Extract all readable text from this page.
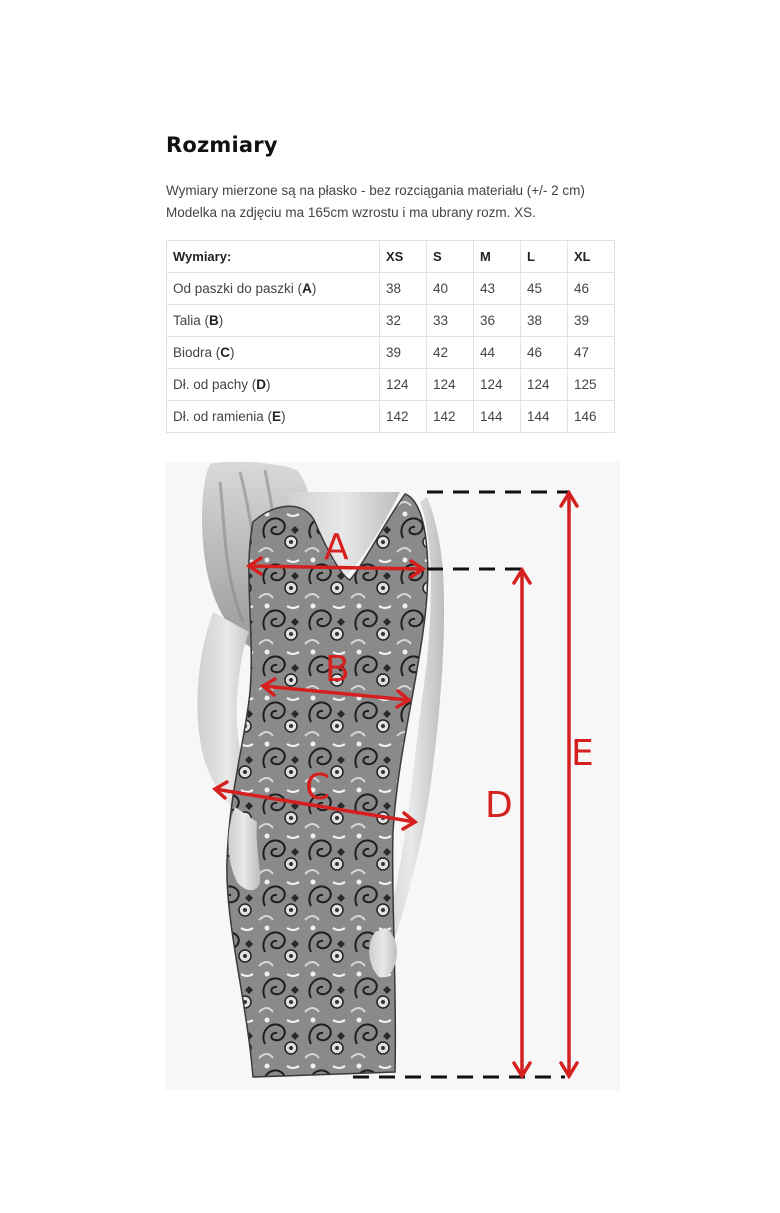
Rozmiary
Wymiary mierzone są na płasko - bez rozciągania materiału (+/- 2 cm)
Modelka na zdjęciu ma 165cm wzrostu i ma ubrany rozm. XS.
Wymiary:	XS	S	M	L	XL
Od paszki do paszki (A)	38	40	43	45	46
Talia (B)	32	33	36	38	39
Biodra (C)	39	42	44	46	47
Dł. od pachy (D)	124	124	124	124	125
Dł. od ramienia (E)	142	142	144	144	146
A
B
C	D
E
